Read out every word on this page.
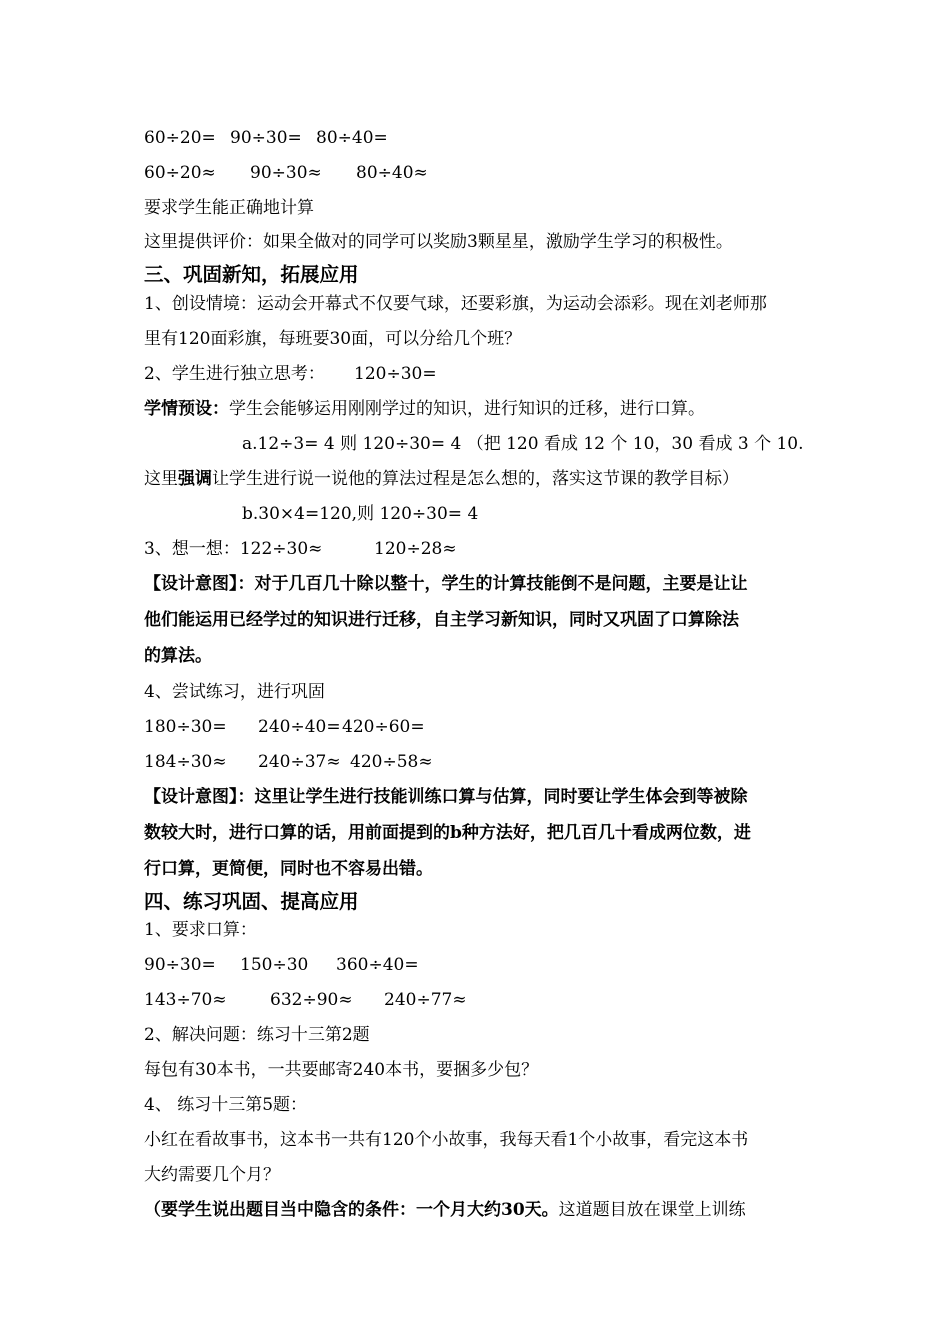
60÷20= 90÷30= 80÷40=

60÷20≈ 90÷30≈ 80÷40≈

要求学生能正确地计算

这里提供评价：如果全做对的同学可以奖励3颗星星，激励学生学习的积极性。

三、巩固新知，拓展应用

1、创设情境：运动会开幕式不仅要气球，还要彩旗，为运动会添彩。现在刘老师那

里有120面彩旗，每班要30面，可以分给几个班？

2、学生进行独立思考： 120÷30=

学情预设：学生会能够运用刚刚学过的知识，进行知识的迁移，进行口算。

a.12÷3= 4 则 120÷30= 4 （把 120 看成 12 个 10，30 看成 3 个 10.

这里强调让学生进行说一说他的算法过程是怎么想的，落实这节课的教学目标）

b.30×4=120,则 120÷30= 4

3、想一想：122÷30≈	120÷28≈

【设计意图】：对于几百几十除以整十，学生的计算技能倒不是问题，主要是让让

他们能运用已经学过的知识进行迁移，自主学习新知识，同时又巩固了口算除法

的算法。

4、尝试练习，进行巩固

180÷30= 240÷40=420÷60=

184÷30≈ 240÷37≈ 420÷58≈

【设计意图】：这里让学生进行技能训练口算与估算，同时要让学生体会到等被除

数较大时，进行口算的话，用前面提到的b种方法好，把几百几十看成两位数，进

行口算，更简便，同时也不容易出错。

四、练习巩固、提高应用

1、要求口算：

90÷30= 150÷30 360÷40=

143÷70≈	632÷90≈ 240÷77≈

2、解决问题：练习十三第2题

每包有30本书，一共要邮寄240本书，要捆多少包？

4、 练习十三第5题：

小红在看故事书，这本书一共有120个小故事，我每天看1个小故事，看完这本书

大约需要几个月？

（要学生说出题目当中隐含的条件：一个月大约30天。这道题目放在课堂上训练
